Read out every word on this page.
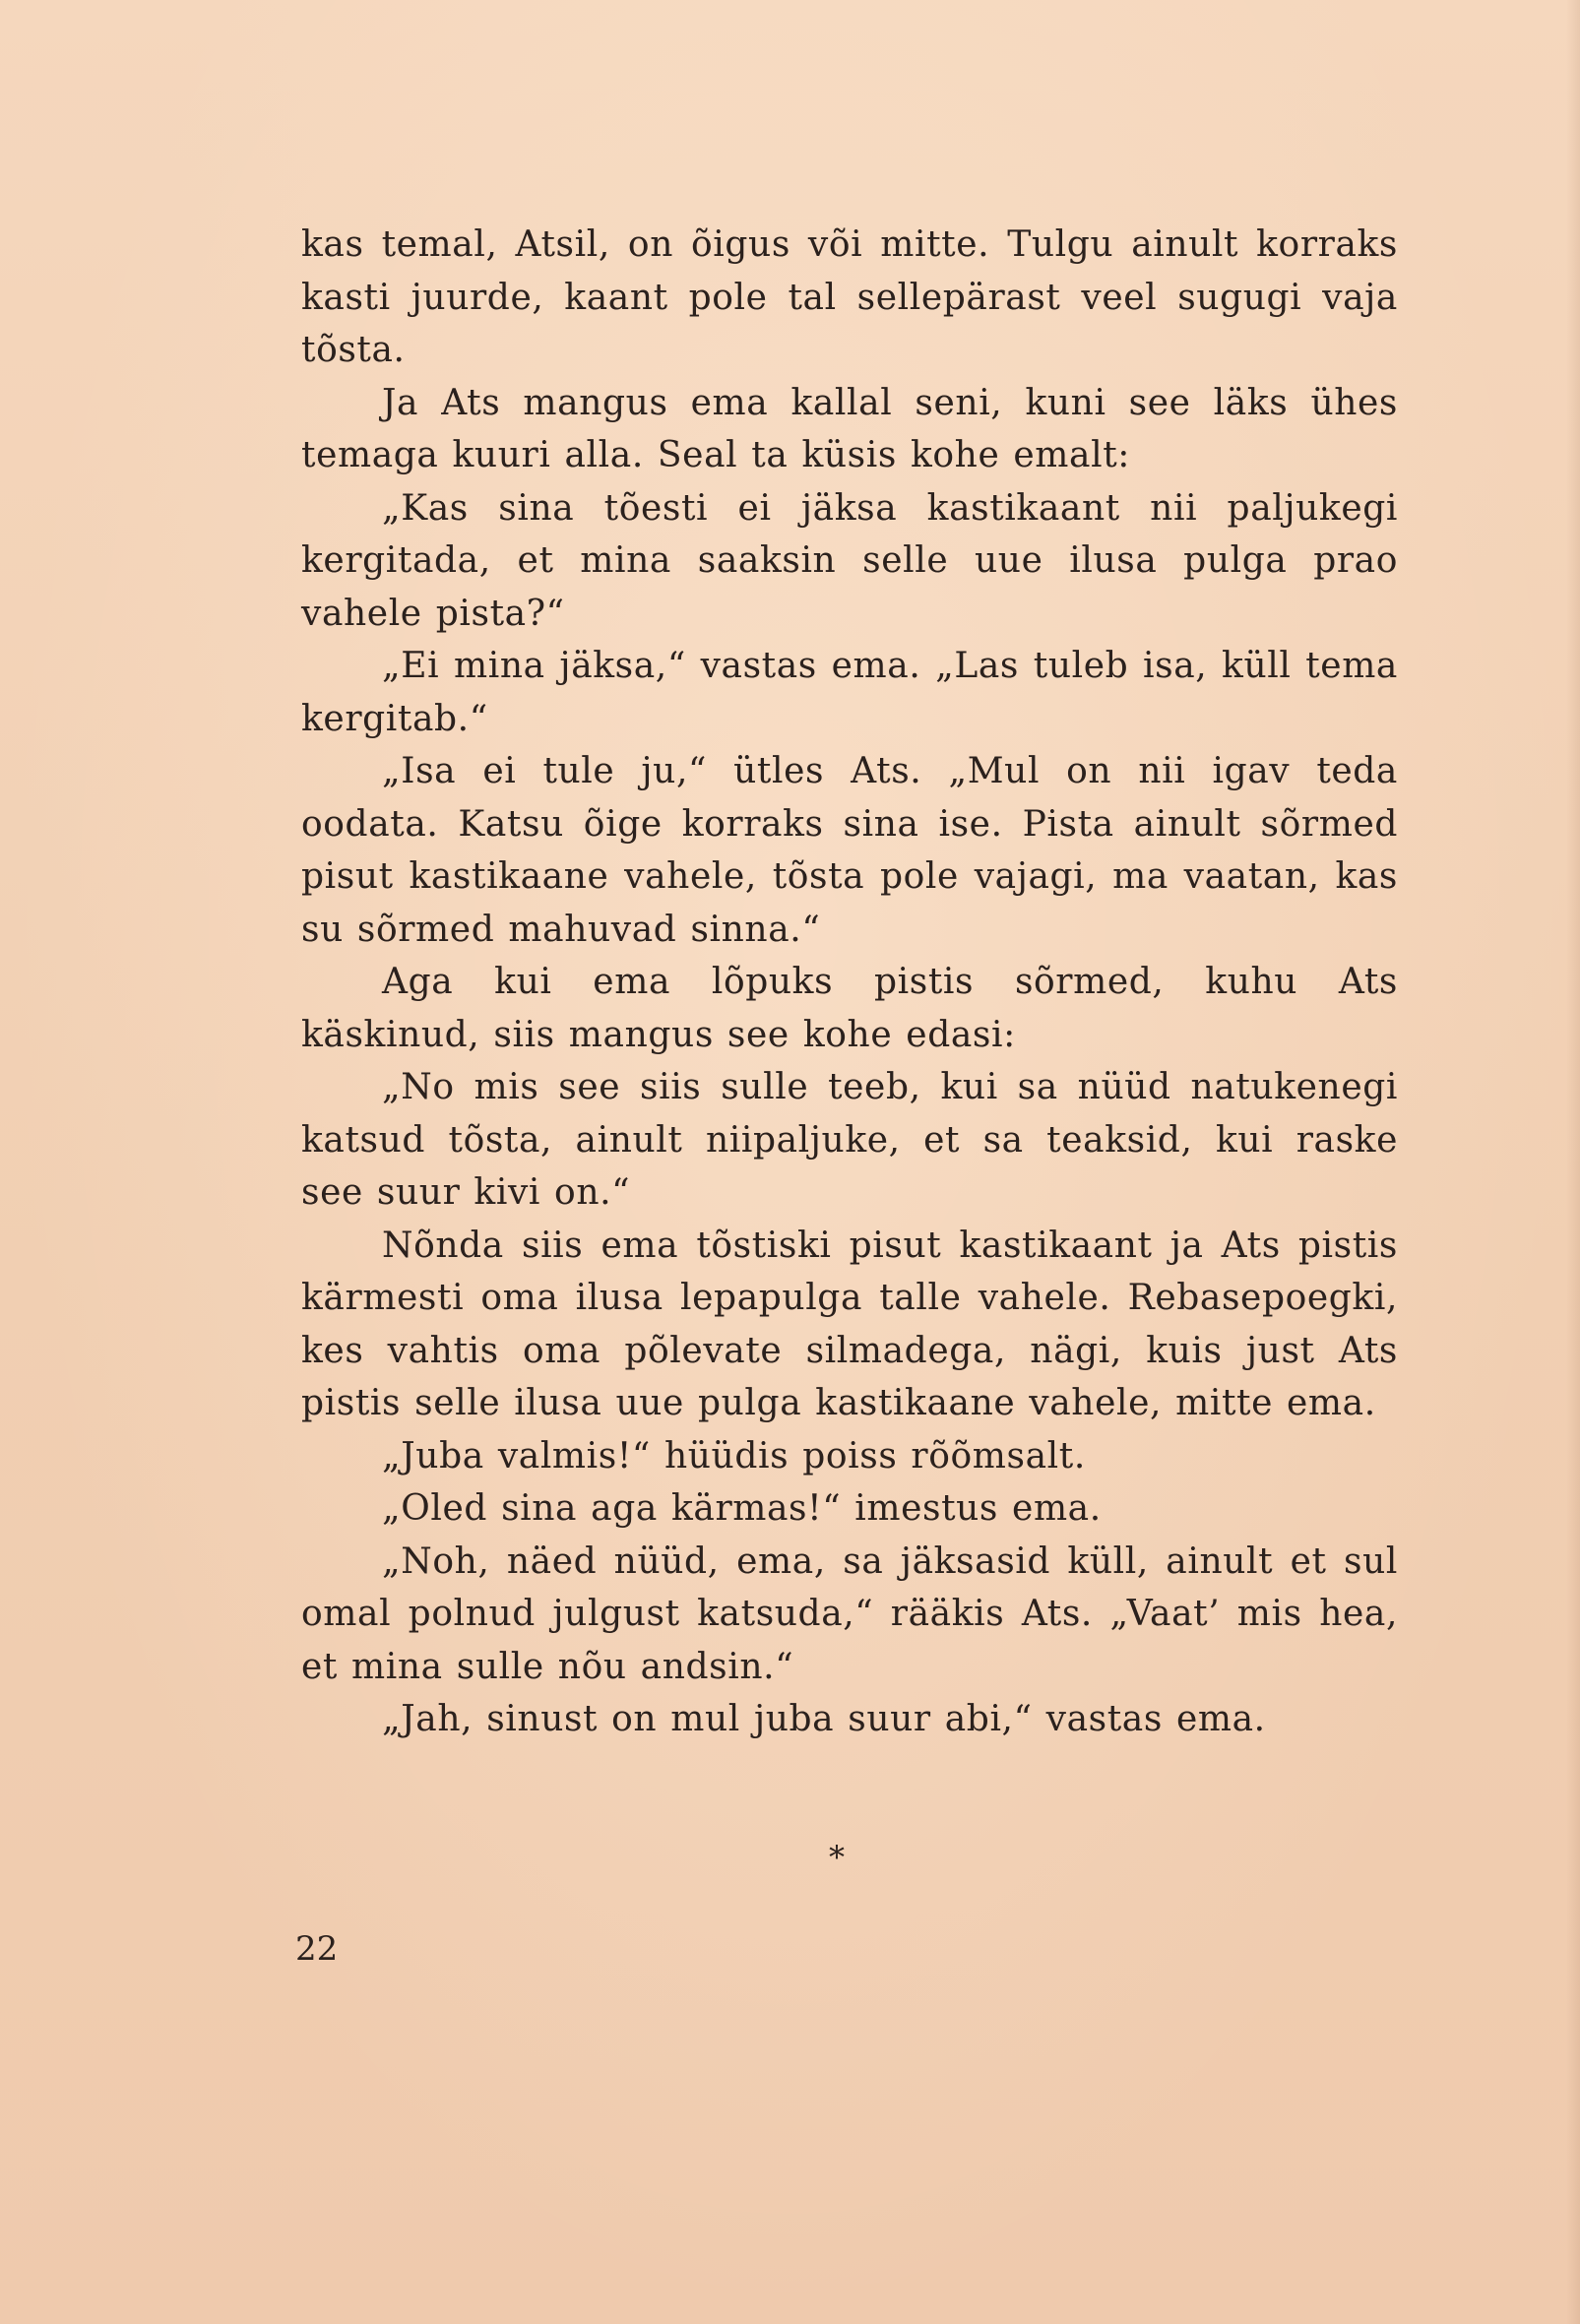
kas temal, Atsil, on õigus või mitte. Tulgu ainult korraks kasti juurde, kaant pole tal sellepärast veel sugugi vaja tõsta.

Ja Ats mangus ema kallal seni, kuni see läks ühes temaga kuuri alla. Seal ta küsis kohe emalt:

„Kas sina tõesti ei jäksa kastikaant nii paljukegi kergitada, et mina saaksin selle uue ilusa pulga prao vahele pista?“

„Ei mina jäksa,“ vastas ema. „Las tuleb isa, küll tema kergitab.“

„Isa ei tule ju,“ ütles Ats. „Mul on nii igav teda oodata. Katsu õige korraks sina ise. Pista ainult sõrmed pisut kastikaane vahele, tõsta pole vajagi, ma vaatan, kas su sõrmed mahuvad sinna.“

Aga kui ema lõpuks pistis sõrmed, kuhu Ats käskinud, siis mangus see kohe edasi:

„No mis see siis sulle teeb, kui sa nüüd natukenegi katsud tõsta, ainult niipaljuke, et sa teaksid, kui raske see suur kivi on.“

Nõnda siis ema tõstiski pisut kastikaant ja Ats pistis kärmesti oma ilusa lepapulga talle vahele. Rebasepoegki, kes vahtis oma põlevate silmadega, nägi, kuis just Ats pistis selle ilusa uue pulga kastikaane vahele, mitte ema.

„Juba valmis!“ hüüdis poiss rõõmsalt.

„Oled sina aga kärmas!“ imestus ema.

„Noh, näed nüüd, ema, sa jäksasid küll, ainult et sul omal polnud julgust katsuda,“ rääkis Ats. „Vaat’ mis hea, et mina sulle nõu andsin.“

„Jah, sinust on mul juba suur abi,“ vastas ema.

*
22
